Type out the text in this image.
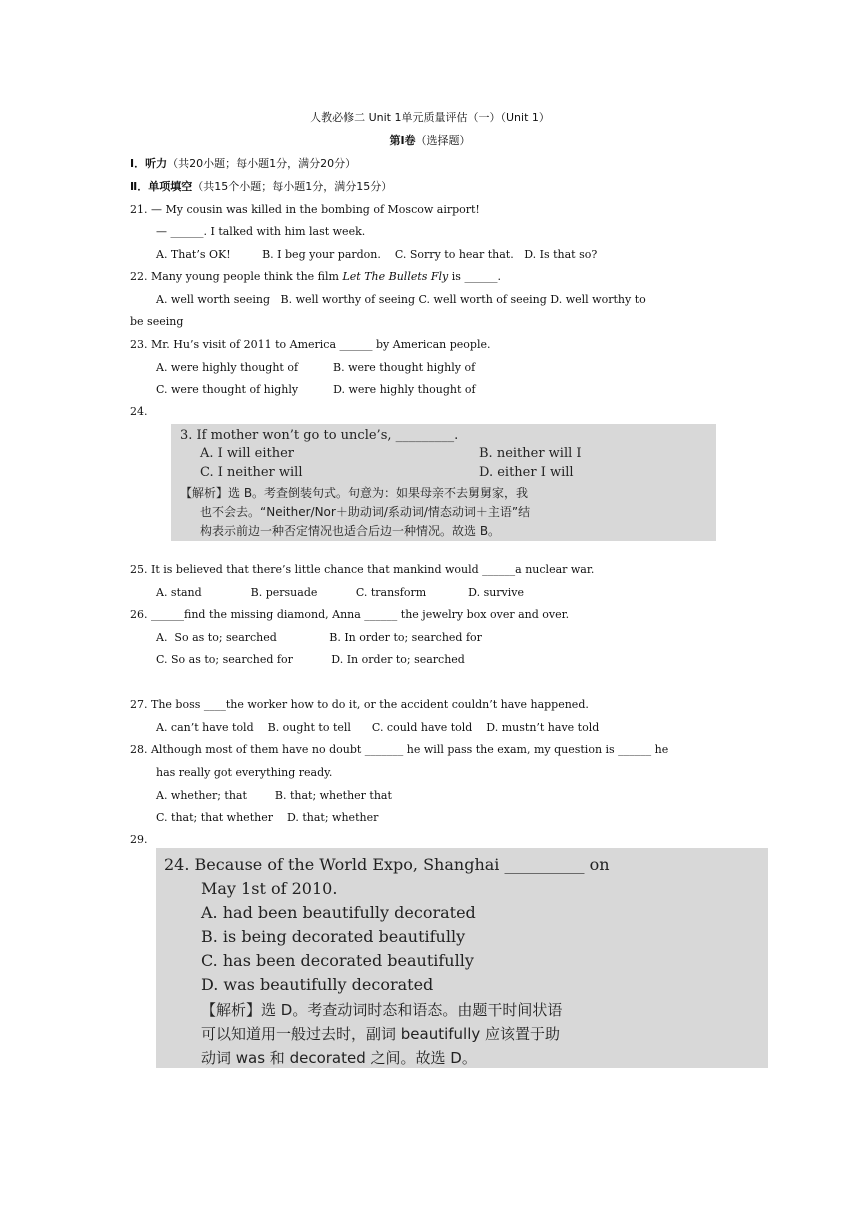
人教必修二 Unit 1单元质量评估（一）（Unit 1）
第Ⅰ卷（选择题）
Ⅰ．听力（共20小题；每小题1分，满分20分）
Ⅱ．单项填空（共15个小题；每小题1分，满分15分）
21. — My cousin was killed in the bombing of Moscow airport!
— ______. I talked with him last week.
A. That’s OK!         B. I beg your pardon.    C. Sorry to hear that.   D. Is that so?
22. Many young people think the film Let The Bullets Fly is ______.
A. well worth seeing   B. well worthy of seeing C. well worth of seeing D. well worthy to
be seeing
23. Mr. Hu’s visit of 2011 to America ______ by American people.
A. were highly thought of          B. were thought highly of
C. were thought of highly          D. were highly thought of
24.
3. If mother won’t go to uncle’s, _________.
A. I will either	B. neither will I
C. I neither will	D. either I will
【解析】选 B。考查倒装句式。句意为：如果母亲不去舅舅家，我
也不会去。“Neither/Nor＋助动词/系动词/情态动词＋主语”结
构表示前边一种否定情况也适合后边一种情况。故选 B。
25. It is believed that there’s little chance that mankind would ______a nuclear war.
A. stand              B. persuade           C. transform            D. survive
26. ______find the missing diamond, Anna ______ the jewelry box over and over.
A.  So as to; searched               B. In order to; searched for
C. So as to; searched for           D. In order to; searched
27. The boss ____the worker how to do it, or the accident couldn’t have happened.
A. can’t have told    B. ought to tell      C. could have told    D. mustn’t have told
28. Although most of them have no doubt _______ he will pass the exam, my question is ______ he
has really got everything ready.
A. whether; that        B. that; whether that
C. that; that whether    D. that; whether
29.
24. Because of the World Expo, Shanghai __________ on
May 1st of 2010.
A. had been beautifully decorated
B. is being decorated beautifully
C. has been decorated beautifully
D. was beautifully decorated
【解析】选 D。考查动词时态和语态。由题干时间状语
可以知道用一般过去时，副词 beautifully 应该置于助
动词 was 和 decorated 之间。故选 D。
